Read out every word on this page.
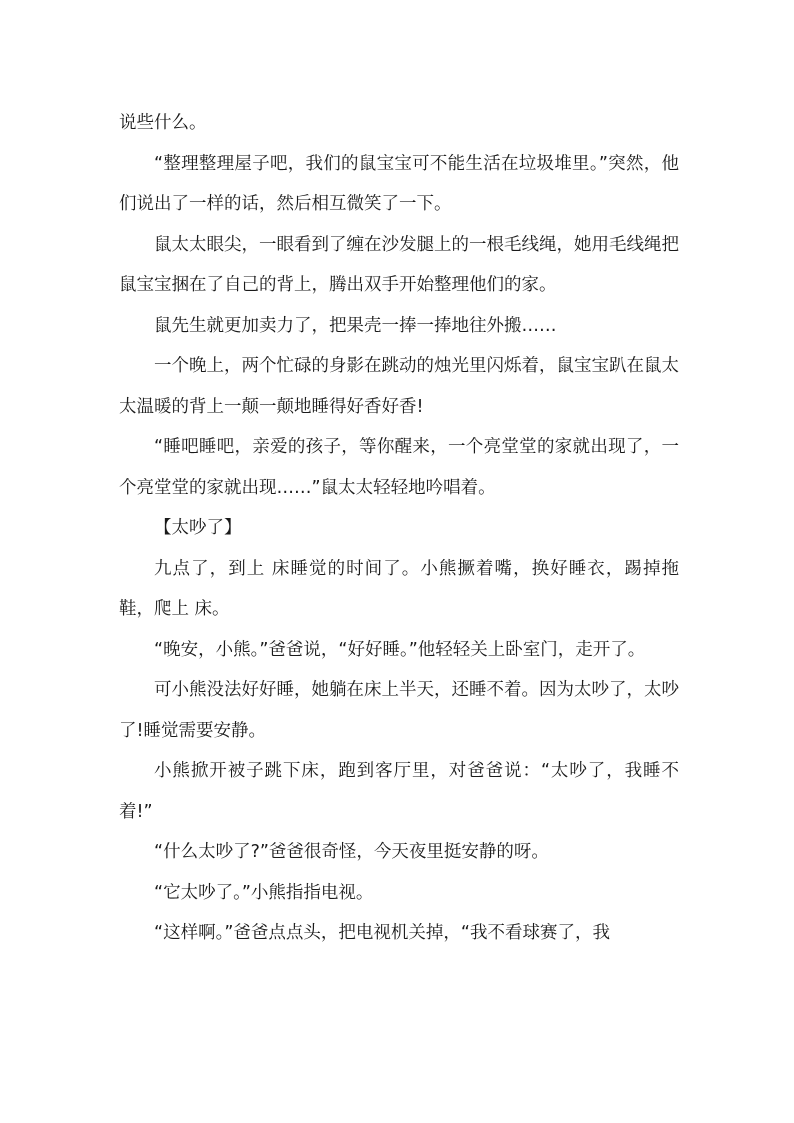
说些什么。

“整理整理屋子吧，我们的鼠宝宝可不能生活在垃圾堆里。”突然，他们说出了一样的话，然后相互微笑了一下。

鼠太太眼尖，一眼看到了缠在沙发腿上的一根毛线绳，她用毛线绳把鼠宝宝捆在了自己的背上，腾出双手开始整理他们的家。

鼠先生就更加卖力了，把果壳一捧一捧地往外搬……

一个晚上，两个忙碌的身影在跳动的烛光里闪烁着，鼠宝宝趴在鼠太太温暖的背上一颠一颠地睡得好香好香!

“睡吧睡吧，亲爱的孩子，等你醒来，一个亮堂堂的家就出现了，一个亮堂堂的家就出现……”鼠太太轻轻地吟唱着。

【太吵了】

九点了，到上 床睡觉的时间了。小熊撅着嘴，换好睡衣，踢掉拖鞋，爬上 床。

“晚安，小熊。”爸爸说，“好好睡。”他轻轻关上卧室门，走开了。

可小熊没法好好睡，她躺在床上半天，还睡不着。因为太吵了，太吵了!睡觉需要安静。

小熊掀开被子跳下床，跑到客厅里，对爸爸说：“太吵了，我睡不着!”

“什么太吵了?”爸爸很奇怪，今天夜里挺安静的呀。

“它太吵了。”小熊指指电视。

“这样啊。”爸爸点点头，把电视机关掉，“我不看球赛了，我
